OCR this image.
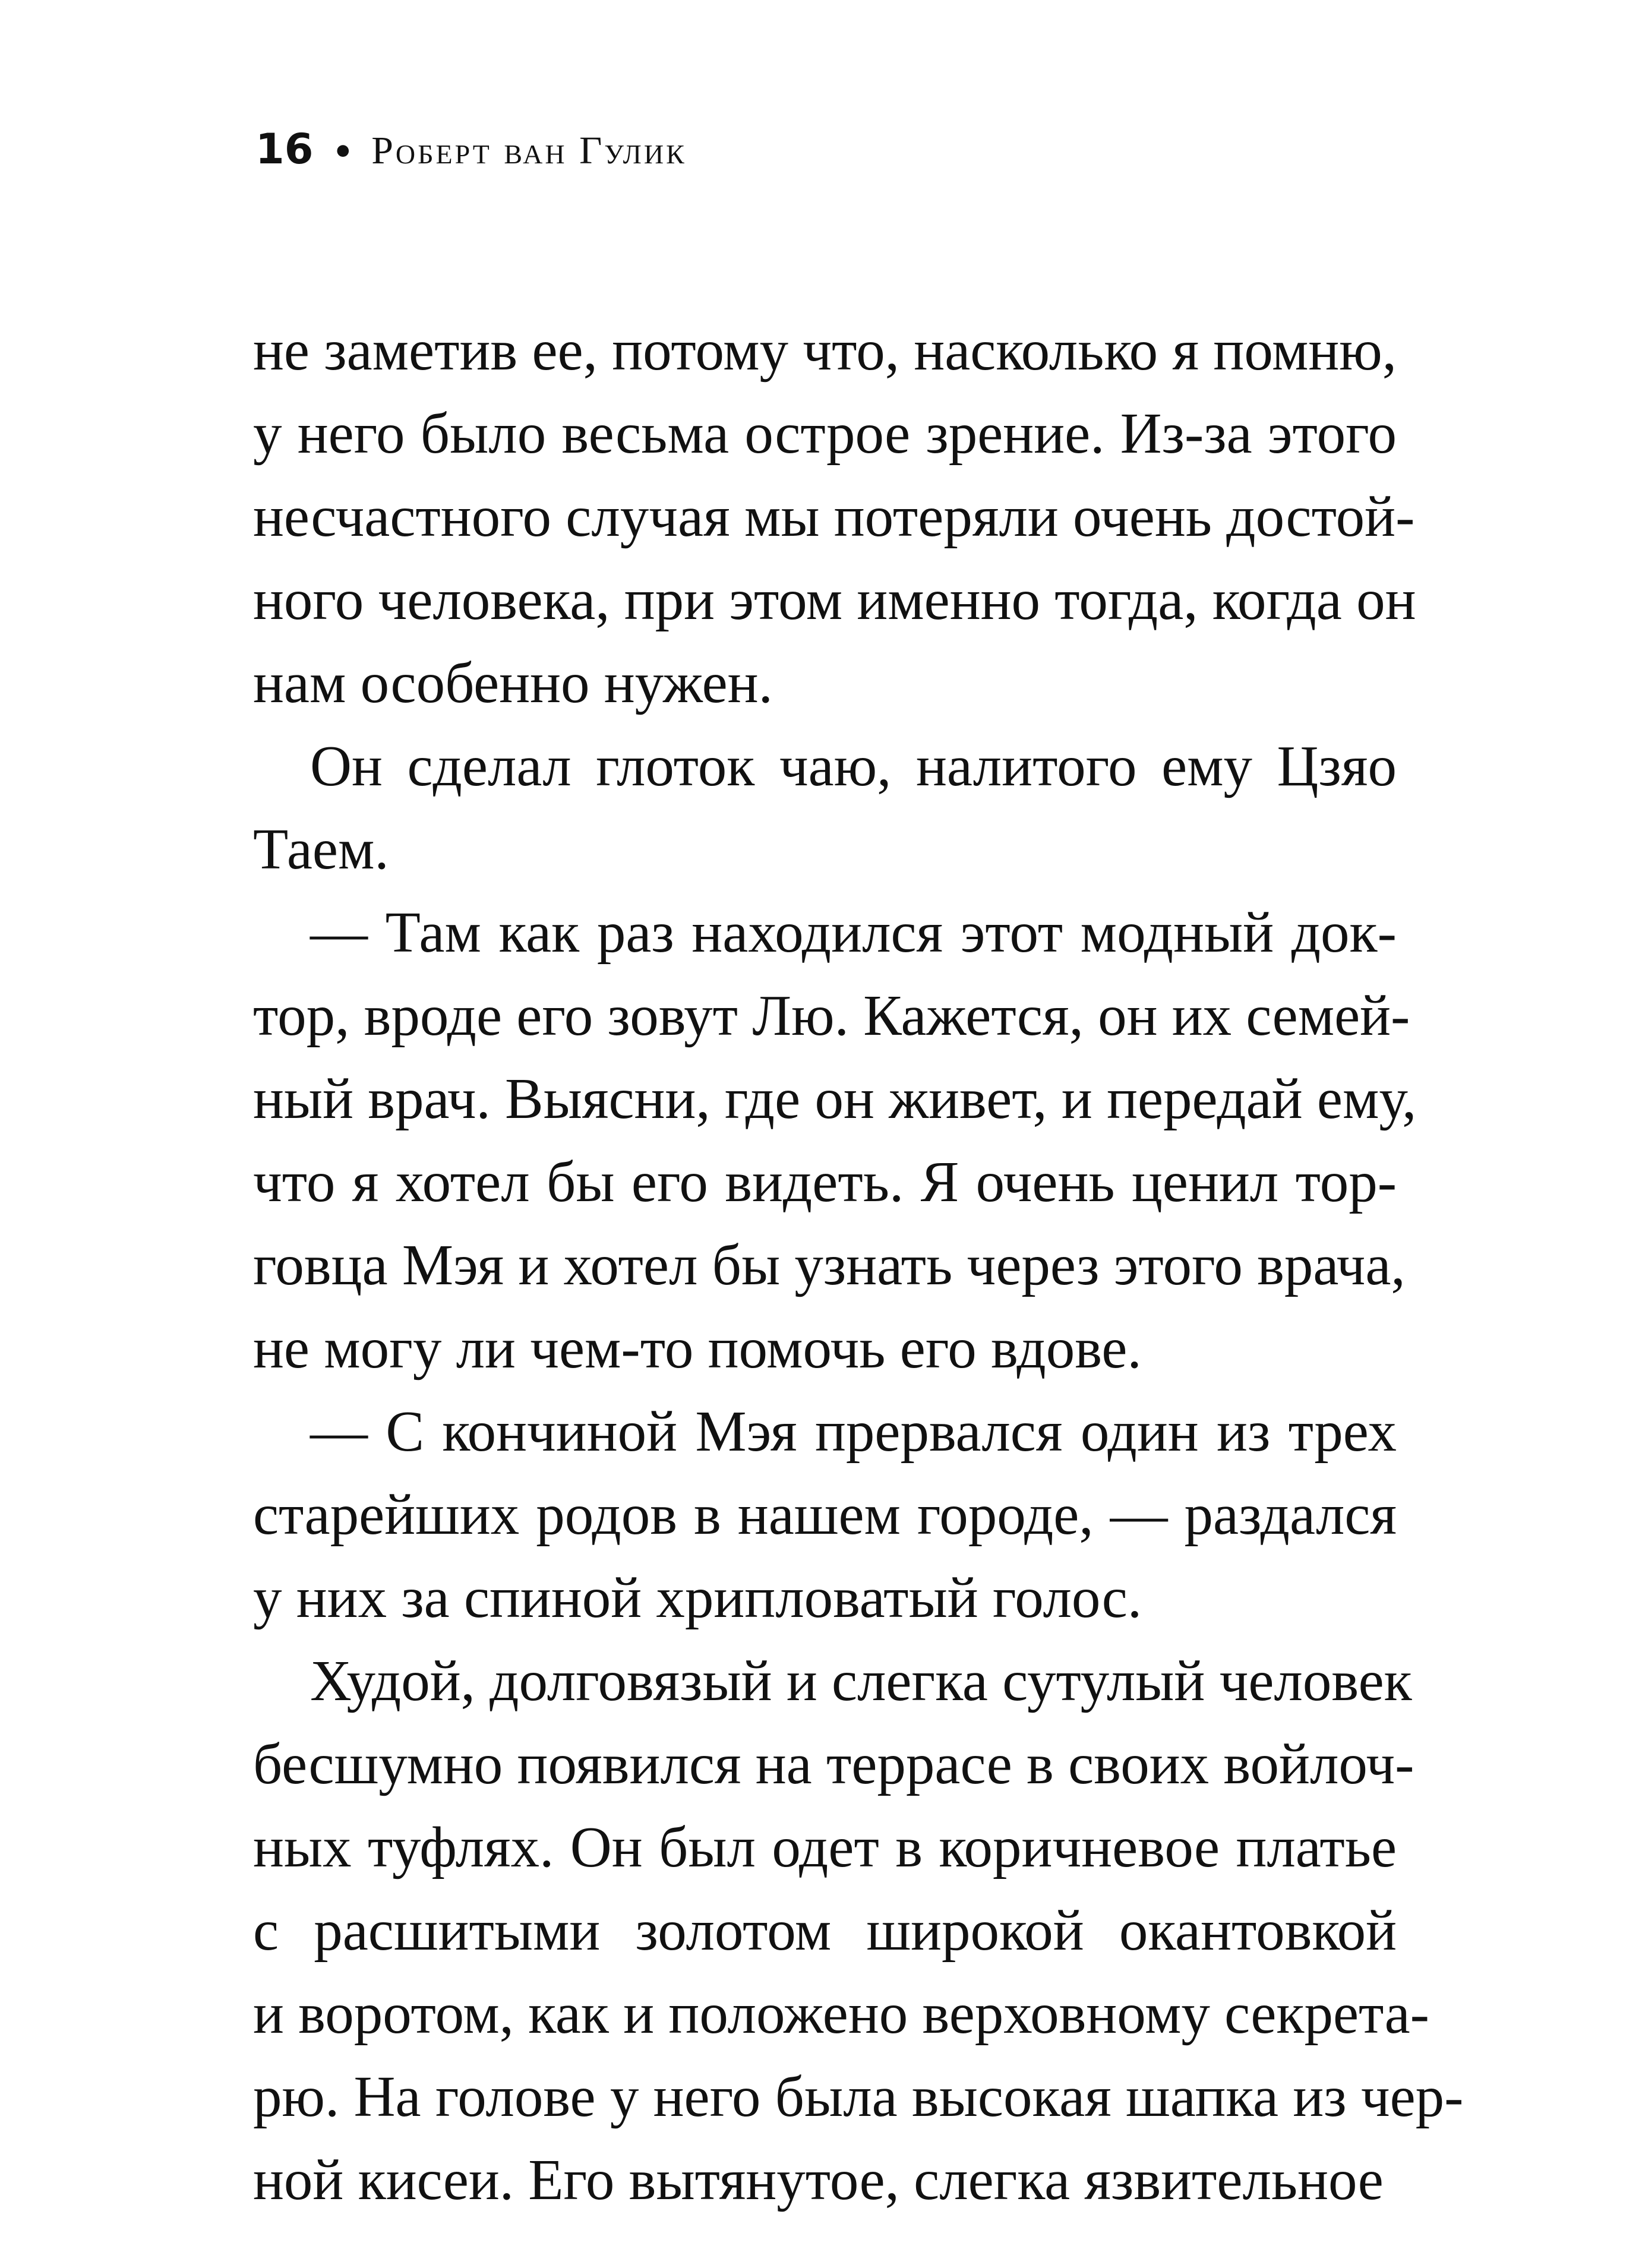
16 • Роберт ван Гулик
не заметив ее, потому что, насколько я помню,
у него было весьма острое зрение. Из-за этого
несчастного случая мы потеряли очень достой-
ного человека, при этом именно тогда, когда он
нам особенно нужен.
Он сделал глоток чаю, налитого ему Цзяо
Таем.
— Там как раз находился этот модный док-
тор, вроде его зовут Лю. Кажется, он их семей-
ный врач. Выясни, где он живет, и передай ему,
что я хотел бы его видеть. Я очень ценил тор-
говца Мэя и хотел бы узнать через этого врача,
не могу ли чем-то помочь его вдове.
— С кончиной Мэя прервался один из трех
старейших родов в нашем городе, — раздался
у них за спиной хрипловатый голос.
Худой, долговязый и слегка сутулый человек
бесшумно появился на террасе в своих войлоч-
ных туфлях. Он был одет в коричневое платье
с расшитыми золотом широкой окантовкой
и воротом, как и положено верховному секрета-
рю. На голове у него была высокая шапка из чер-
ной кисеи. Его вытянутое, слегка язвительное
